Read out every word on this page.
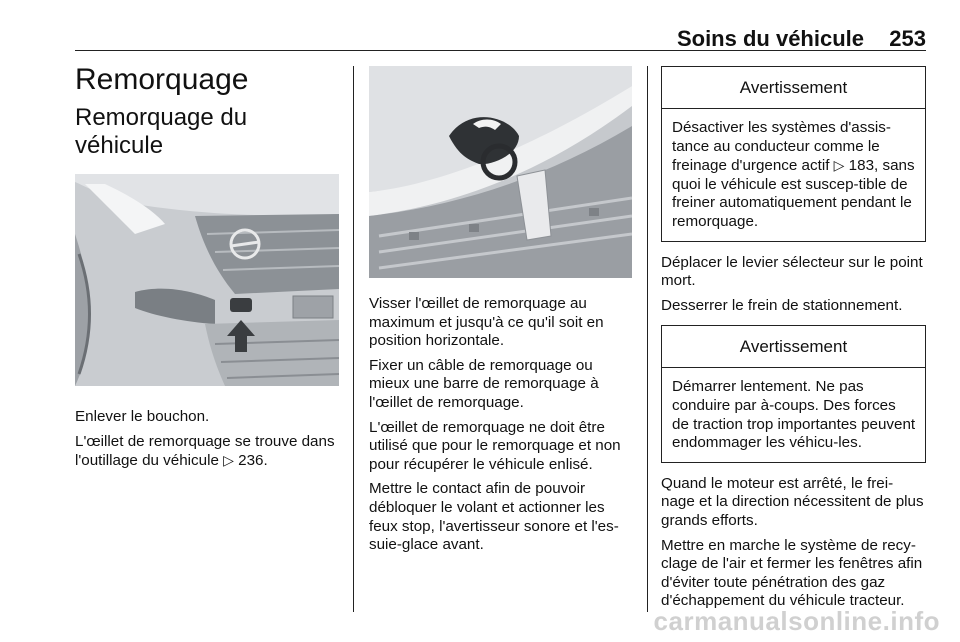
Soins du véhicule	253
Remorquage
Remorquage du véhicule

Enlever le bouchon.

L'œillet de remorquage se trouve dans l'outillage du véhicule ▷ 236.

Visser l'œillet de remorquage au maximum et jusqu'à ce qu'il soit en position horizontale.

Fixer un câble de remorquage ou mieux une barre de remorquage à l'œillet de remorquage.

L'œillet de remorquage ne doit être utilisé que pour le remorquage et non pour récupérer le véhicule enlisé.

Mettre le contact afin de pouvoir débloquer le volant et actionner les feux stop, l'avertisseur sonore et l'es-suie-glace avant.

Avertissement
Désactiver les systèmes d'assis-tance au conducteur comme le freinage d'urgence actif ▷ 183, sans quoi le véhicule est suscep-tible de freiner automatiquement pendant le remorquage.

Déplacer le levier sélecteur sur le point mort.

Desserrer le frein de stationnement.

Avertissement
Démarrer lentement. Ne pas conduire par à-coups. Des forces de traction trop importantes peuvent endommager les véhicu-les.

Quand le moteur est arrêté, le frei-nage et la direction nécessitent de plus grands efforts.

Mettre en marche le système de recy-clage de l'air et fermer les fenêtres afin d'éviter toute pénétration des gaz d'échappement du véhicule tracteur.

carmanualsonline.info
